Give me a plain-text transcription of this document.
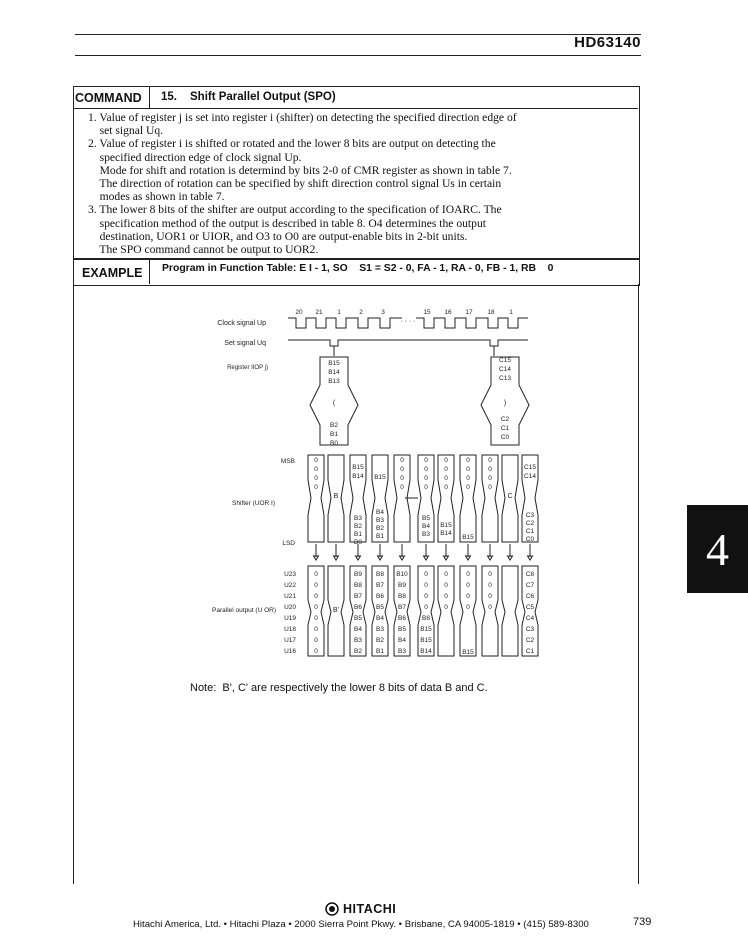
HD63140
COMMAND 15. Shift Parallel Output (SPO)
1. Value of register j is set into register i (shifter) on detecting the specified direction edge of
set signal Uq.
2. Value of register i is shifted or rotated and the lower 8 bits are output on detecting the
specified direction edge of clock signal Up.
Mode for shift and rotation is determind by bits 2-0 of CMR register as shown in table 7.
The direction of rotation can be specified by shift direction control signal Us in certain
modes as shown in table 7.
3. The lower 8 bits of the shifter are output according to the specification of IOARC. The
specification method of the output is described in table 8. O4 determines the output
destination, UOR1 or UIOR, and O3 to O0 are output-enable bits in 2-bit units.
The SPO command cannot be output to UOR2.
EXAMPLE Program in Function Table: E I - 1, SO    S1 = S2 - 0, FA - 1, RA - 0, FB - 1, RB    0
Clock signal Up
Set signal Uq
Register IIOP j)
Shifter (UOR I)
Parallel output (U OR)
MSB
LSD
· · · ·
20 21 1	2	3	15 16 17 18 1
B15
B14
B13
(
B2
B1
B0
C15
C14
C13
)
C2
C1
C0
0
0
0
0
0
0
0
0
B
B15
B14
B3
B2
B1
B0
B15
B4
B3
B2
B1
0
0
0
0
0
0
0
0
B5
B4
B3
0
0
0
0
B15
B14
B15
0
0
0
0
C
C15
C14
C3
C2
C1
C0
U23
U22
U21
U20
U19
U18
U17
U16
0
0
0
0
0
0
0
0
B9
B8
B7
B6
B5
B4
B3
B2
B8
B7
B6
B5
B4
B3
B2
B1
B10
B9
B8
B7
B6
B5
B4
B3
0
0
0
0
B8
B15
B15
B14
C8
C7
C6
C5
C4
C3
C2
C1
B'
0
0
0
0
0
0
0
0
0
0
0
0
B15
Note:  B', C' are respectively the lower 8 bits of data B and C.
4
HITACHI
Hitachi America, Ltd. • Hitachi Plaza • 2000 Sierra Point Pkwy. • Brisbane, CA 94005-1819 • (415) 589-8300	739
